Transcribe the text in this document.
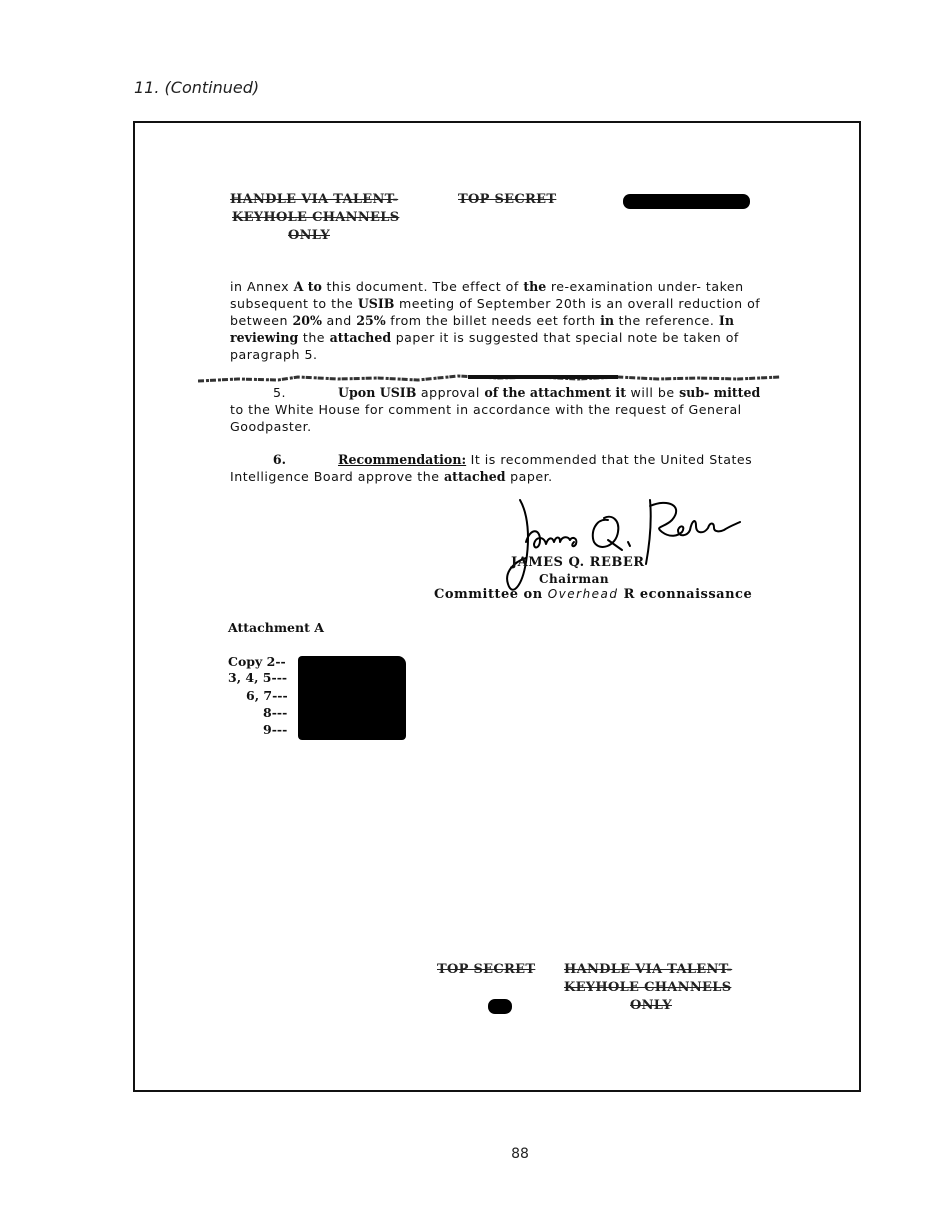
11. (Continued)
HANDLE VIA TALENT-	TOP SECRET
KEYHOLE CHANNELS
ONLY
in Annex A to this document. Tbe effect of the re-examination under- taken subsequent to the USIB meeting of September 20th is an overall reduction of between 20% and 25% from the billet needs eet forth in the reference. In reviewing the attached paper it is suggested that special note be taken of paragraph 5.
5.	Upon USIB approval of the attachment it will be sub- mitted to the White House for comment in accordance with the request of General Goodpaster.
6.	Recommendation: It is recommended that the United States Intelligence Board approve the attached paper.
JAMES Q. REBER
Chairman
Committee on Overhead R econnaissance
Attachment A
Copy 2--
3, 4, 5---
6, 7---
8---
9---
TOP SECRET HANDLE VIA TALENT-
KEYHOLE CHANNELS
ONLY
88
